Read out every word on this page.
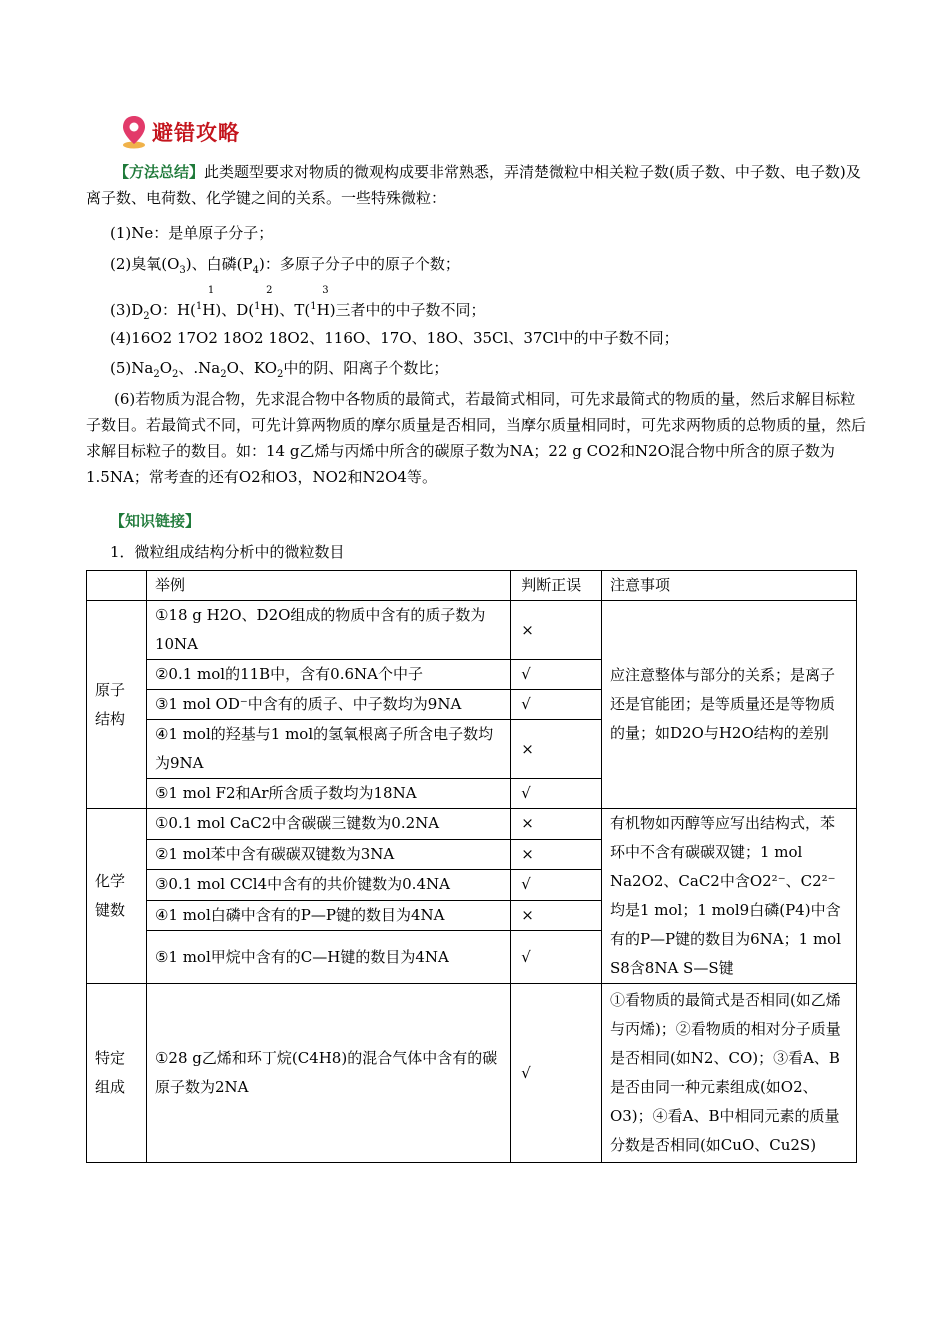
避错攻略
【方法总结】此类题型要求对物质的微观构成要非常熟悉，弄清楚微粒中相关粒子数(质子数、中子数、电子数)及离子数、电荷数、化学键之间的关系。一些特殊微粒：
(1)Ne：是单原子分子；
(2)臭氧$(O_3)$、白磷$(P_4)$：多原子分子中的原子个数；
$(3)D_2O$：H(
1
$^1$H)、D(
2
$^1$H)、T(
3
$^1$H)三者中的中子数不同；
(4)16O2 17O2 18O2 18O2、116O、17O、18O、35Cl、37Cl中的中子数不同；
$(5)Na_2O_2$、$.Na_2O$、$KO_2$中的阴、阳离子个数比；
(6)若物质为混合物，先求混合物中各物质的最简式，若最简式相同，可先求最简式的物质的量，然后求解目标粒子数目。若最简式不同，可先计算两物质的摩尔质量是否相同，当摩尔质量相同时，可先求两物质的总物质的量，然后求解目标粒子的数目。如：14 g乙烯与丙烯中所含的碳原子数为NA；22 g CO2和N2O混合物中所含的原子数为1.5NA；常考查的还有O2和O3，NO2和N2O4等。
【知识链接】
1．微粒组成结构分析中的微粒数目
	举例	判断正误	注意事项

原子结构	①18 g H2O、D2O组成的物质中含有的质子数为10NA	×	应注意整体与部分的关系；是离子还是官能团；是等质量还是等物质的量；如D2O与H2O结构的差别
	②0.1 mol的11B中，含有0.6NA个中子	√	
	③1 mol OD⁻中含有的质子、中子数均为9NA	√	
	④1 mol的羟基与1 mol的氢氧根离子所含电子数均为9NA	×	
	⑤1 mol F2和Ar所含质子数均为18NA	√	

化学键数	①0.1 mol CaC2中含碳碳三键数为0.2NA	×	有机物如丙醇等应写出结构式，苯环中不含有碳碳双键；1 mol Na2O2、CaC2中含O2²⁻、C2²⁻均是1 mol；1 mol9白磷(P4)中含有的P—P键的数目为6NA；1 mol S8含8NA S—S键
	②1 mol苯中含有碳碳双键数为3NA	×	
	③0.1 mol CCl4中含有的共价键数为0.4NA	√	
	④1 mol白磷中含有的P—P键的数目为4NA	×	
	⑤1 mol甲烷中含有的C—H键的数目为4NA	√	

特定组成	①28 g乙烯和环丁烷(C4H8)的混合气体中含有的碳原子数为2NA	√	①看物质的最简式是否相同(如乙烯与丙烯)；②看物质的相对分子质量是否相同(如N2、CO)；③看A、B是否由同一种元素组成(如O2、O3)；④看A、B中相同元素的质量分数是否相同(如CuO、Cu2S)
